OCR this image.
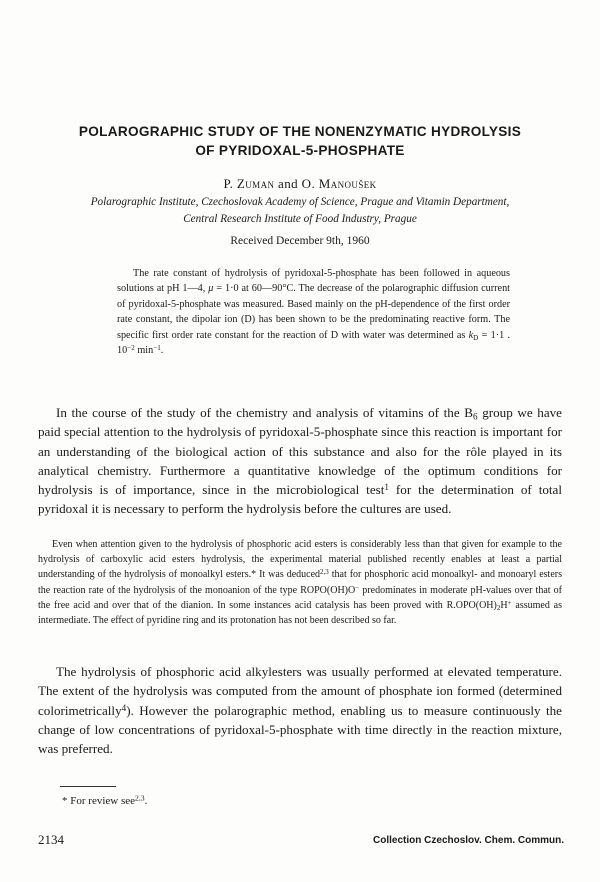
POLAROGRAPHIC STUDY OF THE NONENZYMATIC HYDROLYSIS
OF PYRIDOXAL-5-PHOSPHATE
P. Zuman and O. Manoušek
Polarographic Institute, Czechoslovak Academy of Science, Prague and Vitamin Department,
Central Research Institute of Food Industry, Prague
Received December 9th, 1960

The rate constant of hydrolysis of pyridoxal-5-phosphate has been followed in aqueous solutions at pH 1—4, μ = 1·0 at 60—90°C. The decrease of the polarographic diffusion current of pyridoxal-5-phosphate was measured. Based mainly on the pH-dependence of the first order rate constant, the dipolar ion (D) has been shown to be the predominating reactive form. The specific first order rate constant for the reaction of D with water was determined as $k_D = 1\cdot 1$ . $10^{-2}$ $\min^{-1}$.

In the course of the study of the chemistry and analysis of vitamins of the $B_6$ group we have paid special attention to the hydrolysis of pyridoxal-5-phosphate since this reaction is important for an understanding of the biological action of this substance and also for the rôle played in its analytical chemistry. Furthermore a quantitative knowledge of the optimum conditions for hydrolysis is of importance, since in the microbiological test$^1$ for the determination of total pyridoxal it is necessary to perform the hydrolysis before the cultures are used.

Even when attention given to the hydrolysis of phosphoric acid esters is considerably less than that given for example to the hydrolysis of carboxylic acid esters hydrolysis, the experimental material published recently enables at least a partial understanding of the hydrolysis of monoalkyl esters.* It was deduced$^{2,3}$ that for phosphoric acid monoalkyl- and monoaryl esters the reaction rate of the hydrolysis of the monoanion of the type ROPO(OH)O− predominates in moderate pH-values over that of the free acid and over that of the dianion. In some instances acid catalysis has been proved with $R.OPO(OH)_2H^+$ assumed as intermediate. The effect of pyridine ring and its protonation has not been described so far.

The hydrolysis of phosphoric acid alkylesters was usually performed at elevated temperature. The extent of the hydrolysis was computed from the amount of phosphate ion formed (determined colorimetrically$^4$). However the polarographic method, enabling us to measure continuously the change of low concentrations of pyridoxal-5-phosphate with time directly in the reaction mixture, was preferred.

* For review see$^{2,3}$.
2134	Collection Czechoslov. Chem. Commun.
